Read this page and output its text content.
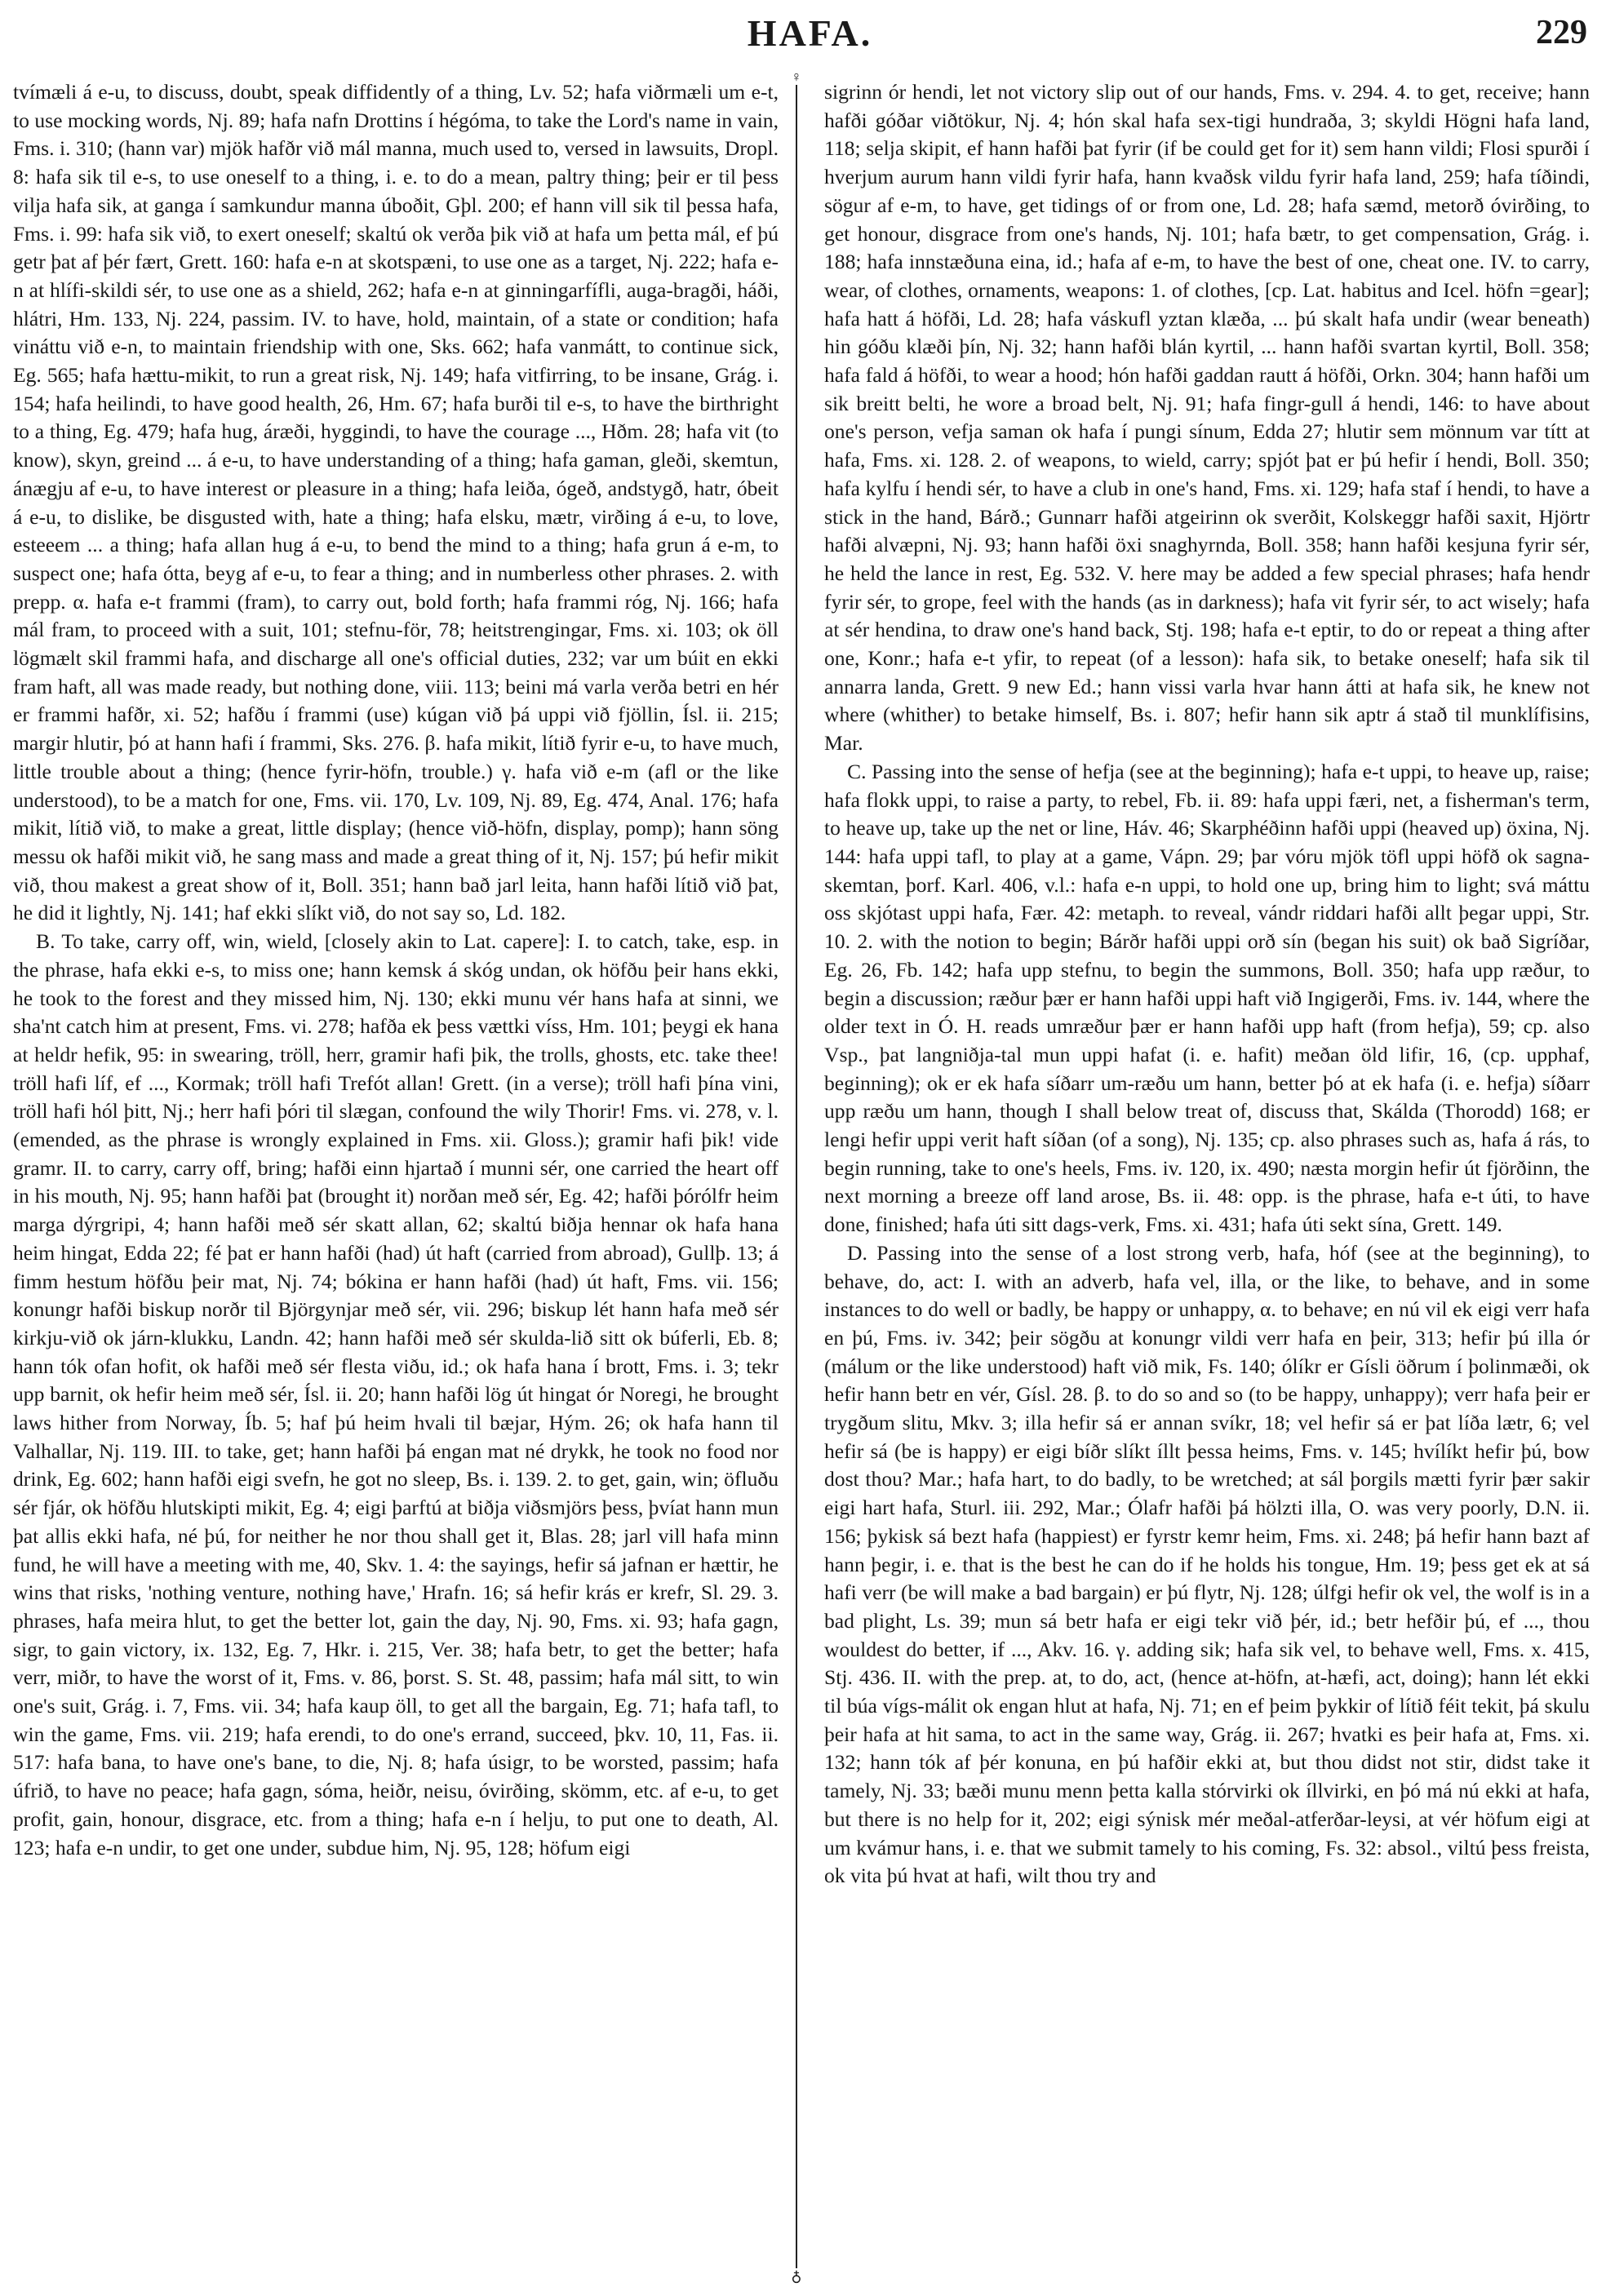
HAFA.	229
♀
♁

tvímæli á e-u, to discuss, doubt, speak diffidently of a thing, Lv. 52; hafa viðrmæli um e-t, to use mocking words, Nj. 89; hafa nafn Drottins í hégóma, to take the Lord's name in vain, Fms. i. 310; (hann var) mjök hafðr við mál manna, much used to, versed in lawsuits, Dropl. 8: hafa sik til e-s, to use oneself to a thing, i. e. to do a mean, paltry thing; þeir er til þess vilja hafa sik, at ganga í samkundur manna úboðit, Gþl. 200; ef hann vill sik til þessa hafa, Fms. i. 99: hafa sik við, to exert oneself; skaltú ok verða þik við at hafa um þetta mál, ef þú getr þat af þér fært, Grett. 160: hafa e-n at skotspæni, to use one as a target, Nj. 222; hafa e-n at hlífi-skildi sér, to use one as a shield, 262; hafa e-n at ginningarfífli, auga-bragði, háði, hlátri, Hm. 133, Nj. 224, passim. IV. to have, hold, maintain, of a state or condition; hafa vináttu við e-n, to maintain friendship with one, Sks. 662; hafa vanmátt, to continue sick, Eg. 565; hafa hættu-mikit, to run a great risk, Nj. 149; hafa vitfirring, to be insane, Grág. i. 154; hafa heilindi, to have good health, 26, Hm. 67; hafa burði til e-s, to have the birthright to a thing, Eg. 479; hafa hug, áræði, hyggindi, to have the courage ..., Hðm. 28; hafa vit (to know), skyn, greind ... á e-u, to have understanding of a thing; hafa gaman, gleði, skemtun, ánægju af e-u, to have interest or pleasure in a thing; hafa leiða, ógeð, andstygð, hatr, óbeit á e-u, to dislike, be disgusted with, hate a thing; hafa elsku, mætr, virðing á e-u, to love, esteeem ... a thing; hafa allan hug á e-u, to bend the mind to a thing; hafa grun á e-m, to suspect one; hafa ótta, beyg af e-u, to fear a thing; and in numberless other phrases. 2. with prepp. α. hafa e-t frammi (fram), to carry out, bold forth; hafa frammi róg, Nj. 166; hafa mál fram, to proceed with a suit, 101; stefnu-för, 78; heitstrengingar, Fms. xi. 103; ok öll lögmælt skil frammi hafa, and discharge all one's official duties, 232; var um búit en ekki fram haft, all was made ready, but nothing done, viii. 113; beini má varla verða betri en hér er frammi hafðr, xi. 52; hafðu í frammi (use) kúgan við þá uppi við fjöllin, Ísl. ii. 215; margir hlutir, þó at hann hafi í frammi, Sks. 276. β. hafa mikit, lítið fyrir e-u, to have much, little trouble about a thing; (hence fyrir-höfn, trouble.) γ. hafa við e-m (afl or the like understood), to be a match for one, Fms. vii. 170, Lv. 109, Nj. 89, Eg. 474, Anal. 176; hafa mikit, lítið við, to make a great, little display; (hence við-höfn, display, pomp); hann söng messu ok hafði mikit við, he sang mass and made a great thing of it, Nj. 157; þú hefir mikit við, thou makest a great show of it, Boll. 351; hann bað jarl leita, hann hafði lítið við þat, he did it lightly, Nj. 141; haf ekki slíkt við, do not say so, Ld. 182.

B. To take, carry off, win, wield, [closely akin to Lat. capere]: I. to catch, take, esp. in the phrase, hafa ekki e-s, to miss one; hann kemsk á skóg undan, ok höfðu þeir hans ekki, he took to the forest and they missed him, Nj. 130; ekki munu vér hans hafa at sinni, we sha'nt catch him at present, Fms. vi. 278; hafða ek þess vættki víss, Hm. 101; þeygi ek hana at heldr hefik, 95: in swearing, tröll, herr, gramir hafi þik, the trolls, ghosts, etc. take thee! tröll hafi líf, ef ..., Kormak; tröll hafi Trefót allan! Grett. (in a verse); tröll hafi þína vini, tröll hafi hól þitt, Nj.; herr hafi þóri til slægan, confound the wily Thorir! Fms. vi. 278, v. l. (emended, as the phrase is wrongly explained in Fms. xii. Gloss.); gramir hafi þik! vide gramr. II. to carry, carry off, bring; hafði einn hjartað í munni sér, one carried the heart off in his mouth, Nj. 95; hann hafði þat (brought it) norðan með sér, Eg. 42; hafði þórólfr heim marga dýrgripi, 4; hann hafði með sér skatt allan, 62; skaltú biðja hennar ok hafa hana heim hingat, Edda 22; fé þat er hann hafði (had) út haft (carried from abroad), Gullþ. 13; á fimm hestum höfðu þeir mat, Nj. 74; bókina er hann hafði (had) út haft, Fms. vii. 156; konungr hafði biskup norðr til Björgynjar með sér, vii. 296; biskup lét hann hafa með sér kirkju-við ok járn-klukku, Landn. 42; hann hafði með sér skulda-lið sitt ok búferli, Eb. 8; hann tók ofan hofit, ok hafði með sér flesta viðu, id.; ok hafa hana í brott, Fms. i. 3; tekr upp barnit, ok hefir heim með sér, Ísl. ii. 20; hann hafði lög út hingat ór Noregi, he brought laws hither from Norway, Íb. 5; haf þú heim hvali til bæjar, Hým. 26; ok hafa hann til Valhallar, Nj. 119. III. to take, get; hann hafði þá engan mat né drykk, he took no food nor drink, Eg. 602; hann hafði eigi svefn, he got no sleep, Bs. i. 139. 2. to get, gain, win; öfluðu sér fjár, ok höfðu hlutskipti mikit, Eg. 4; eigi þarftú at biðja viðsmjörs þess, þvíat hann mun þat allis ekki hafa, né þú, for neither he nor thou shall get it, Blas. 28; jarl vill hafa minn fund, he will have a meeting with me, 40, Skv. 1. 4: the sayings, hefir sá jafnan er hættir, he wins that risks, 'nothing venture, nothing have,' Hrafn. 16; sá hefir krás er krefr, Sl. 29. 3. phrases, hafa meira hlut, to get the better lot, gain the day, Nj. 90, Fms. xi. 93; hafa gagn, sigr, to gain victory, ix. 132, Eg. 7, Hkr. i. 215, Ver. 38; hafa betr, to get the better; hafa verr, miðr, to have the worst of it, Fms. v. 86, þorst. S. St. 48, passim; hafa mál sitt, to win one's suit, Grág. i. 7, Fms. vii. 34; hafa kaup öll, to get all the bargain, Eg. 71; hafa tafl, to win the game, Fms. vii. 219; hafa erendi, to do one's errand, succeed, þkv. 10, 11, Fas. ii. 517: hafa bana, to have one's bane, to die, Nj. 8; hafa úsigr, to be worsted, passim; hafa úfrið, to have no peace; hafa gagn, sóma, heiðr, neisu, óvirðing, skömm, etc. af e-u, to get profit, gain, honour, disgrace, etc. from a thing; hafa e-n í helju, to put one to death, Al. 123; hafa e-n undir, to get one under, subdue him, Nj. 95, 128; höfum eigi

sigrinn ór hendi, let not victory slip out of our hands, Fms. v. 294. 4. to get, receive; hann hafði góðar viðtökur, Nj. 4; hón skal hafa sex-tigi hundraða, 3; skyldi Högni hafa land, 118; selja skipit, ef hann hafði þat fyrir (if be could get for it) sem hann vildi; Flosi spurði í hverjum aurum hann vildi fyrir hafa, hann kvaðsk vildu fyrir hafa land, 259; hafa tíðindi, sögur af e-m, to have, get tidings of or from one, Ld. 28; hafa sæmd, metorð óvirðing, to get honour, disgrace from one's hands, Nj. 101; hafa bætr, to get compensation, Grág. i. 188; hafa innstæðuna eina, id.; hafa af e-m, to have the best of one, cheat one. IV. to carry, wear, of clothes, ornaments, weapons: 1. of clothes, [cp. Lat. habitus and Icel. höfn =gear]; hafa hatt á höfði, Ld. 28; hafa váskufl yztan klæða, ... þú skalt hafa undir (wear beneath) hin góðu klæði þín, Nj. 32; hann hafði blán kyrtil, ... hann hafði svartan kyrtil, Boll. 358; hafa fald á höfði, to wear a hood; hón hafði gaddan rautt á höfði, Orkn. 304; hann hafði um sik breitt belti, he wore a broad belt, Nj. 91; hafa fingr-gull á hendi, 146: to have about one's person, vefja saman ok hafa í pungi sínum, Edda 27; hlutir sem mönnum var títt at hafa, Fms. xi. 128. 2. of weapons, to wield, carry; spjót þat er þú hefir í hendi, Boll. 350; hafa kylfu í hendi sér, to have a club in one's hand, Fms. xi. 129; hafa staf í hendi, to have a stick in the hand, Bárð.; Gunnarr hafði atgeirinn ok sverðit, Kolskeggr hafði saxit, Hjörtr hafði alvæpni, Nj. 93; hann hafði öxi snaghyrnda, Boll. 358; hann hafði kesjuna fyrir sér, he held the lance in rest, Eg. 532. V. here may be added a few special phrases; hafa hendr fyrir sér, to grope, feel with the hands (as in darkness); hafa vit fyrir sér, to act wisely; hafa at sér hendina, to draw one's hand back, Stj. 198; hafa e-t eptir, to do or repeat a thing after one, Konr.; hafa e-t yfir, to repeat (of a lesson): hafa sik, to betake oneself; hafa sik til annarra landa, Grett. 9 new Ed.; hann vissi varla hvar hann átti at hafa sik, he knew not where (whither) to betake himself, Bs. i. 807; hefir hann sik aptr á stað til munklífisins, Mar.

C. Passing into the sense of hefja (see at the beginning); hafa e-t uppi, to heave up, raise; hafa flokk uppi, to raise a party, to rebel, Fb. ii. 89: hafa uppi færi, net, a fisherman's term, to heave up, take up the net or line, Háv. 46; Skarphéðinn hafði uppi (heaved up) öxina, Nj. 144: hafa uppi tafl, to play at a game, Vápn. 29; þar vóru mjök töfl uppi höfð ok sagna-skemtan, þorf. Karl. 406, v.l.: hafa e-n uppi, to hold one up, bring him to light; svá máttu oss skjótast uppi hafa, Fær. 42: metaph. to reveal, vándr riddari hafði allt þegar uppi, Str. 10. 2. with the notion to begin; Bárðr hafði uppi orð sín (began his suit) ok bað Sigríðar, Eg. 26, Fb. 142; hafa upp stefnu, to begin the summons, Boll. 350; hafa upp ræður, to begin a discussion; ræður þær er hann hafði uppi haft við Ingigerði, Fms. iv. 144, where the older text in Ó. H. reads umræður þær er hann hafði upp haft (from hefja), 59; cp. also Vsp., þat langniðja-tal mun uppi hafat (i. e. hafit) meðan öld lifir, 16, (cp. upphaf, beginning); ok er ek hafa síðarr um-ræðu um hann, better þó at ek hafa (i. e. hefja) síðarr upp ræðu um hann, though I shall below treat of, discuss that, Skálda (Thorodd) 168; er lengi hefir uppi verit haft síðan (of a song), Nj. 135; cp. also phrases such as, hafa á rás, to begin running, take to one's heels, Fms. iv. 120, ix. 490; næsta morgin hefir út fjörðinn, the next morning a breeze off land arose, Bs. ii. 48: opp. is the phrase, hafa e-t úti, to have done, finished; hafa úti sitt dags-verk, Fms. xi. 431; hafa úti sekt sína, Grett. 149.

D. Passing into the sense of a lost strong verb, hafa, hóf (see at the beginning), to behave, do, act: I. with an adverb, hafa vel, illa, or the like, to behave, and in some instances to do well or badly, be happy or unhappy, α. to behave; en nú vil ek eigi verr hafa en þú, Fms. iv. 342; þeir sögðu at konungr vildi verr hafa en þeir, 313; hefir þú illa ór (málum or the like understood) haft við mik, Fs. 140; ólíkr er Gísli öðrum í þolinmæði, ok hefir hann betr en vér, Gísl. 28. β. to do so and so (to be happy, unhappy); verr hafa þeir er trygðum slitu, Mkv. 3; illa hefir sá er annan svíkr, 18; vel hefir sá er þat líða lætr, 6; vel hefir sá (be is happy) er eigi bíðr slíkt íllt þessa heims, Fms. v. 145; hvílíkt hefir þú, bow dost thou? Mar.; hafa hart, to do badly, to be wretched; at sál þorgils mætti fyrir þær sakir eigi hart hafa, Sturl. iii. 292, Mar.; Ólafr hafði þá hölzti illa, O. was very poorly, D.N. ii. 156; þykisk sá bezt hafa (happiest) er fyrstr kemr heim, Fms. xi. 248; þá hefir hann bazt af hann þegir, i. e. that is the best he can do if he holds his tongue, Hm. 19; þess get ek at sá hafi verr (be will make a bad bargain) er þú flytr, Nj. 128; úlfgi hefir ok vel, the wolf is in a bad plight, Ls. 39; mun sá betr hafa er eigi tekr við þér, id.; betr hefðir þú, ef ..., thou wouldest do better, if ..., Akv. 16. γ. adding sik; hafa sik vel, to behave well, Fms. x. 415, Stj. 436. II. with the prep. at, to do, act, (hence at-höfn, at-hæfi, act, doing); hann lét ekki til búa vígs-málit ok engan hlut at hafa, Nj. 71; en ef þeim þykkir of lítið féit tekit, þá skulu þeir hafa at hit sama, to act in the same way, Grág. ii. 267; hvatki es þeir hafa at, Fms. xi. 132; hann tók af þér konuna, en þú hafðir ekki at, but thou didst not stir, didst take it tamely, Nj. 33; bæði munu menn þetta kalla stórvirki ok íllvirki, en þó má nú ekki at hafa, but there is no help for it, 202; eigi sýnisk mér meðal-atferðar-leysi, at vér höfum eigi at um kvámur hans, i. e. that we submit tamely to his coming, Fs. 32: absol., viltú þess freista, ok vita þú hvat at hafi, wilt thou try and
